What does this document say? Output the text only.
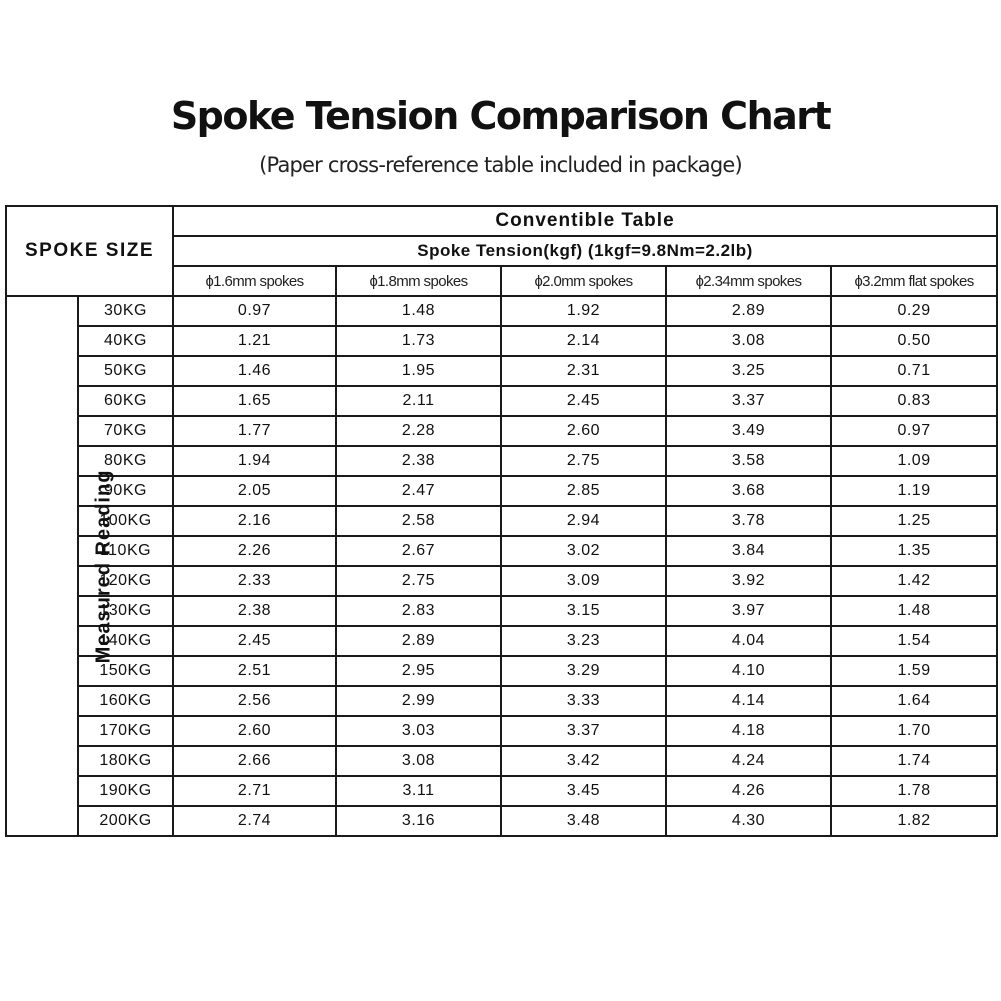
Spoke Tension Comparison Chart
(Paper cross-reference table included in package)
SPOKE SIZE		Conventible Table				
		Spoke Tension(kgf) (1kgf=9.8Nm=2.2lb)				
		ɸ1.6mm spokes	ɸ1.8mm spokes	ɸ2.0mm spokes	ɸ2.34mm spokes	ɸ3.2mm flat spokes
Measured Reading	30KG	0.97	1.48	1.92	2.89	0.29
	40KG	1.21	1.73	2.14	3.08	0.50
	50KG	1.46	1.95	2.31	3.25	0.71
	60KG	1.65	2.11	2.45	3.37	0.83
	70KG	1.77	2.28	2.60	3.49	0.97
	80KG	1.94	2.38	2.75	3.58	1.09
	90KG	2.05	2.47	2.85	3.68	1.19
	100KG	2.16	2.58	2.94	3.78	1.25
	110KG	2.26	2.67	3.02	3.84	1.35
	120KG	2.33	2.75	3.09	3.92	1.42
	130KG	2.38	2.83	3.15	3.97	1.48
	140KG	2.45	2.89	3.23	4.04	1.54
	150KG	2.51	2.95	3.29	4.10	1.59
	160KG	2.56	2.99	3.33	4.14	1.64
	170KG	2.60	3.03	3.37	4.18	1.70
	180KG	2.66	3.08	3.42	4.24	1.74
	190KG	2.71	3.11	3.45	4.26	1.78
	200KG	2.74	3.16	3.48	4.30	1.82
